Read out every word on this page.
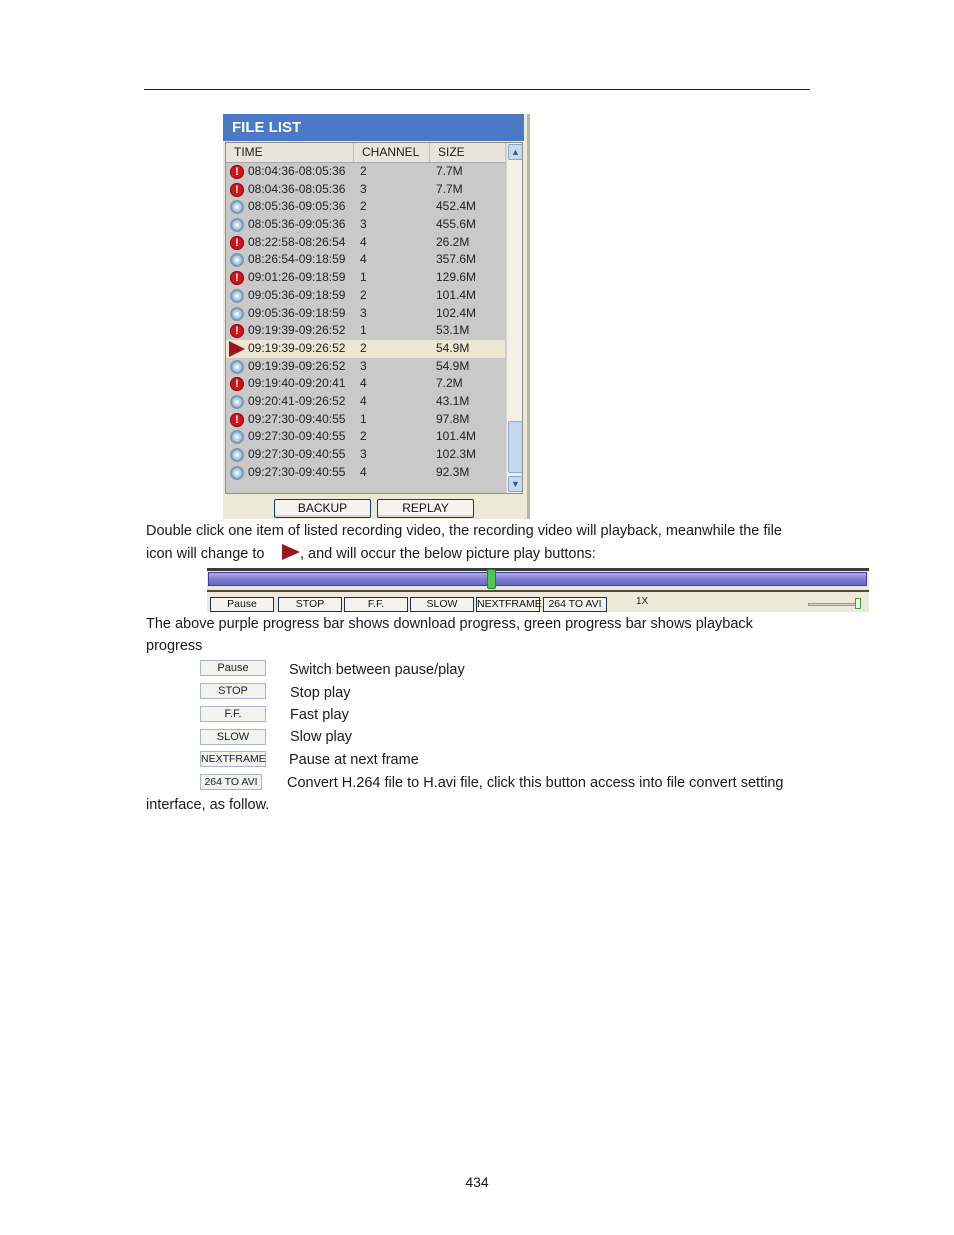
FILE LIST
TIME	CHANNEL	SIZE
!
08:04:36-08:05:36 2	7.7M
!
08:04:36-08:05:36 3	7.7M
08:05:36-09:05:36 2	452.4M
08:05:36-09:05:36 3	455.6M
!
08:22:58-08:26:54 4	26.2M
08:26:54-09:18:59 4	357.6M
!
09:01:26-09:18:59 1	129.6M
09:05:36-09:18:59 2	101.4M
09:05:36-09:18:59 3	102.4M
!
09:19:39-09:26:52 1	53.1M
09:19:39-09:26:52 2	54.9M
09:19:39-09:26:52 3	54.9M
!
09:19:40-09:20:41 4	7.2M
09:20:41-09:26:52 4	43.1M
!
09:27:30-09:40:55 1	97.8M
09:27:30-09:40:55 2	101.4M
09:27:30-09:40:55 3	102.3M
09:27:30-09:40:55 4	92.3M
▲
▼
BACKUP	REPLAY
Double click one item of listed recording video, the recording video will playback, meanwhile the file
icon will change to , and will occur the below picture play buttons:
Pause	STOP	F.F.	SLOW	NEXTFRAME 264 TO AVI	1X
The above purple progress bar shows download progress, green progress bar shows playback
progress
Pause	Switch between pause/play
STOP	Stop play
F.F.	Fast play
SLOW	Slow play
NEXTFRAME Pause at next frame
264 TO AVI	Convert H.264 file to H.avi file, click this button access into file convert setting
interface, as follow.
434
